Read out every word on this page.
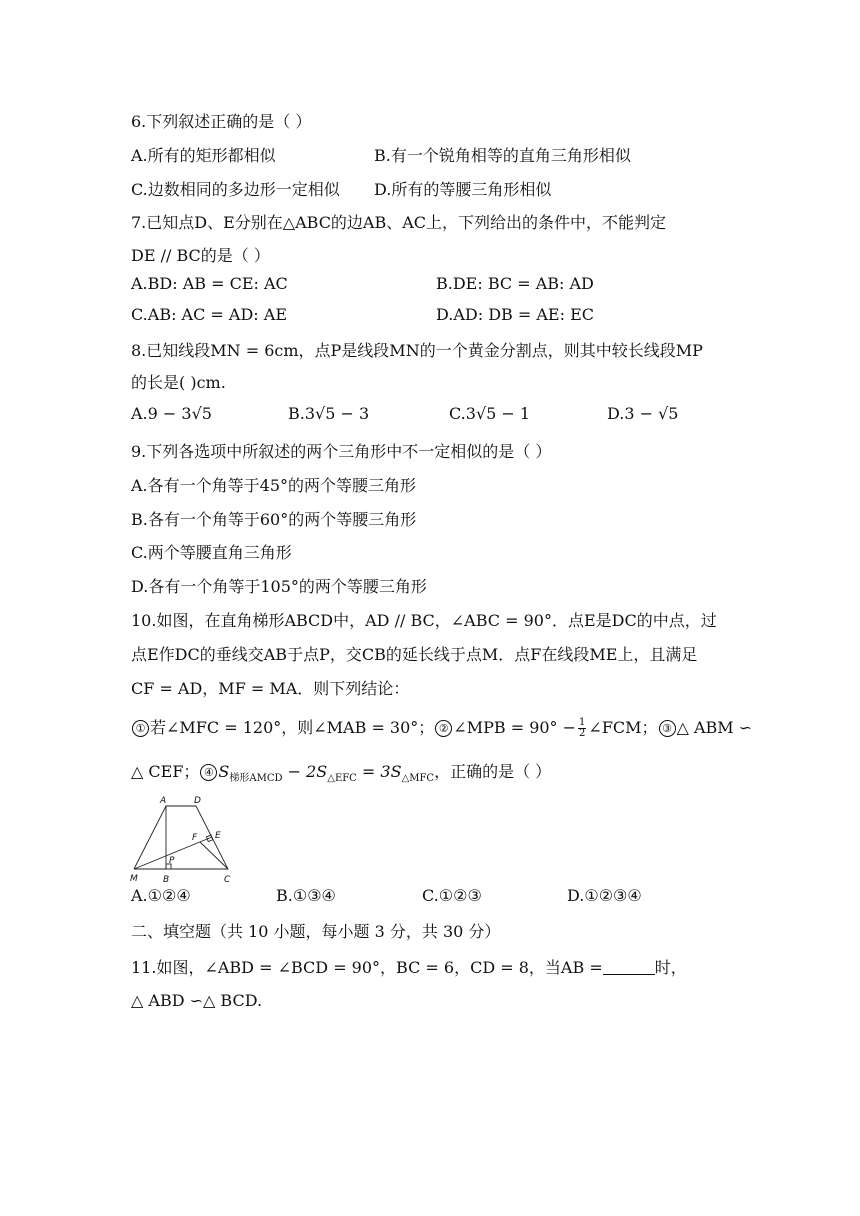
6.下列叙述正确的是（ ）
A.所有的矩形都相似	B.有一个锐角相等的直角三角形相似
C.边数相同的多边形一定相似 D.所有的等腰三角形相似
7.已知点D、E分别在△ABC的边AB、AC上，下列给出的条件中，不能判定
DE // BC的是（ ）
A.BD: AB = CE: AC	B.DE: BC = AB: AD
C.AB: AC = AD: AE	D.AD: DB = AE: EC
8.已知线段MN = 6cm，点P是线段MN的一个黄金分割点，则其中较长线段MP
的长是( )cm.
A.9 − 3√5	B.3√5 − 3	C.3√5 − 1	D.3 − √5
9.下列各选项中所叙述的两个三角形中不一定相似的是（ ）
A.各有一个角等于45°的两个等腰三角形
B.各有一个角等于60°的两个等腰三角形
C.两个等腰直角三角形
D.各有一个角等于105°的两个等腰三角形
10.如图，在直角梯形ABCD中，AD // BC，∠ABC = 90°．点E是DC的中点，过
点E作DC的垂线交AB于点P，交CB的延长线于点M．点F在线段ME上，且满足
CF = AD，MF = MA．则下列结论：
① 若∠MFC = 120°，则∠MAB = 30°； ② ∠MPB = $90^\circ - \frac{1}{2}$ ∠FCM； ③ △ ABM ∽
△ CEF； ④ $S_{梯形AMCD} - 2S_{\triangle EFC} = 3S_{\triangle MFC}$，正确的是（ ）
A	D
F E
P
M	B	C
A.①②④	B.①③④	C.①②③	D.①②③④
二、填空题（共 10 小题，每小题 3 分，共 30 分）
11.如图，∠ABD = ∠BCD = 90°，BC = 6，CD = 8，当AB =	时，
△ ABD ∽△ BCD.
